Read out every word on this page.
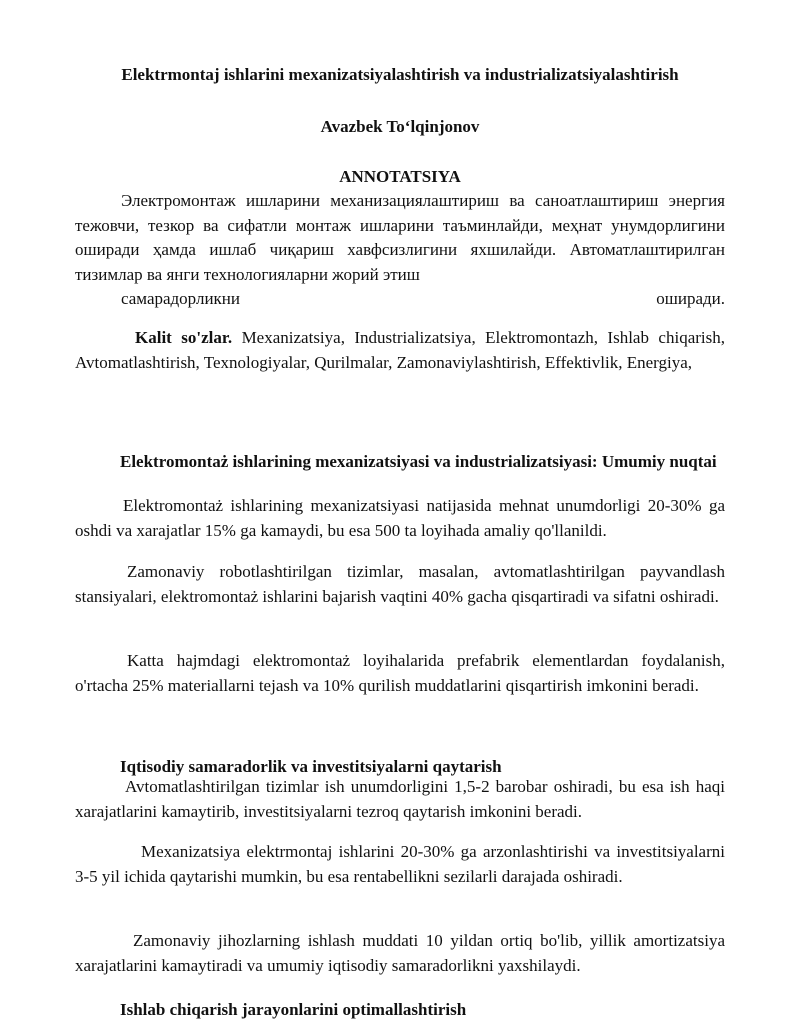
Elektrmontaj ishlarini mexanizatsiyalashtirish va industrializatsiyalashtirish

Avazbek To‘lqinjonov

ANNOTATSIYA

Электромонтаж ишларини механизациялаштириш ва саноатлаштириш энергия тежовчи, тезкор ва сифатли монтаж ишларини таъминлайди, меҳнат унумдорлигини оширади ҳамда ишлаб чиқариш хавфсизлигини яхшилайди. Автоматлаштирилган тизимлар ва янги технологияларни жорий этиш
самарадорликни	оширади.

Kalit so'zlar. Mexanizatsiya, Industrializatsiya, Elektromontazh, Ishlab chiqarish, Avtomatlashtirish, Texnologiyalar, Qurilmalar, Zamonaviylashtirish, Effektivlik, Energiya,

Elektromontaż ishlarining mexanizatsiyasi va industrializatsiyasi: Umumiy nuqtai

Elektromontaż ishlarining mexanizatsiyasi natijasida mehnat unumdorligi 20-30% ga oshdi va xarajatlar 15% ga kamaydi, bu esa 500 ta loyihada amaliy qo'llanildi.

Zamonaviy robotlashtirilgan tizimlar, masalan, avtomatlashtirilgan payvandlash stansiyalari, elektromontaż ishlarini bajarish vaqtini 40% gacha qisqartiradi va sifatni oshiradi.

Katta hajmdagi elektromontaż loyihalarida prefabrik elementlardan foydalanish, o'rtacha 25% materiallarni tejash va 10% qurilish muddatlarini qisqartirish imkonini beradi.

Iqtisodiy samaradorlik va investitsiyalarni qaytarish

Avtomatlashtirilgan tizimlar ish unumdorligini 1,5-2 barobar oshiradi, bu esa ish haqi xarajatlarini kamaytirib, investitsiyalarni tezroq qaytarish imkonini beradi.

Mexanizatsiya elektrmontaj ishlarini 20-30% ga arzonlashtirishi va investitsiyalarni 3-5 yil ichida qaytarishi mumkin, bu esa rentabellikni sezilarli darajada oshiradi.

Zamonaviy jihozlarning ishlash muddati 10 yildan ortiq bo'lib, yillik amortizatsiya xarajatlarini kamaytiradi va umumiy iqtisodiy samaradorlikni yaxshilaydi.

Ishlab chiqarish jarayonlarini optimallashtirish
